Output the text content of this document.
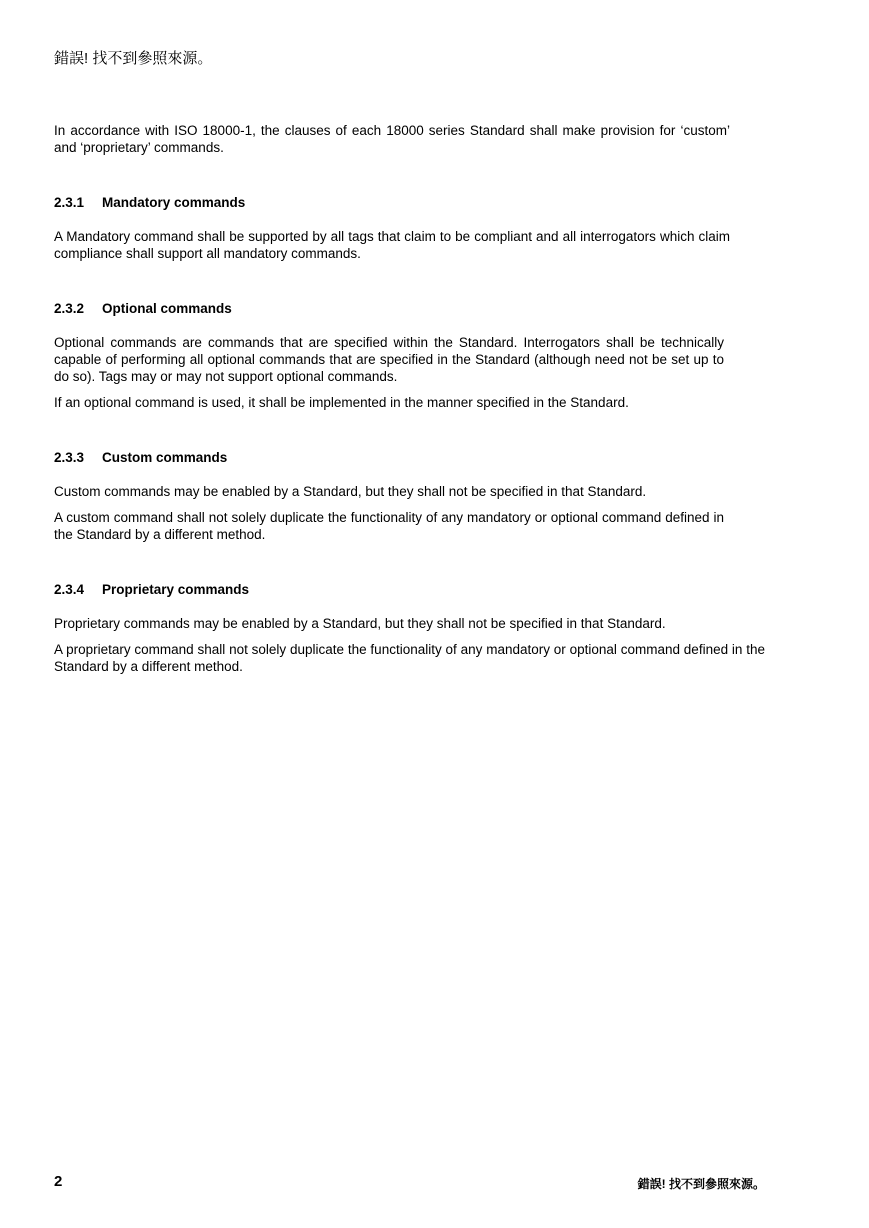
錯誤! 找不到參照來源。

In accordance with ISO 18000-1, the clauses of each 18000 series Standard shall make provision for ‘custom’ and ‘proprietary’ commands.

2.3.1 Mandatory commands

A Mandatory command shall be supported by all tags that claim to be compliant and all interrogators which claim compliance shall support all mandatory commands.

2.3.2 Optional commands

Optional commands are commands that are specified within the Standard. Interrogators shall be technically capable of performing all optional commands that are specified in the Standard (although need not be set up to do so). Tags may or may not support optional commands.

If an optional command is used, it shall be implemented in the manner specified in the Standard.

2.3.3 Custom commands

Custom commands may be enabled by a Standard, but they shall not be specified in that Standard.

A custom command shall not solely duplicate the functionality of any mandatory or optional command defined in the Standard by a different method.

2.3.4 Proprietary commands

Proprietary commands may be enabled by a Standard, but they shall not be specified in that Standard.

A proprietary command shall not solely duplicate the functionality of any mandatory or optional command defined in the Standard by a different method.

2	錯誤! 找不到參照來源。
